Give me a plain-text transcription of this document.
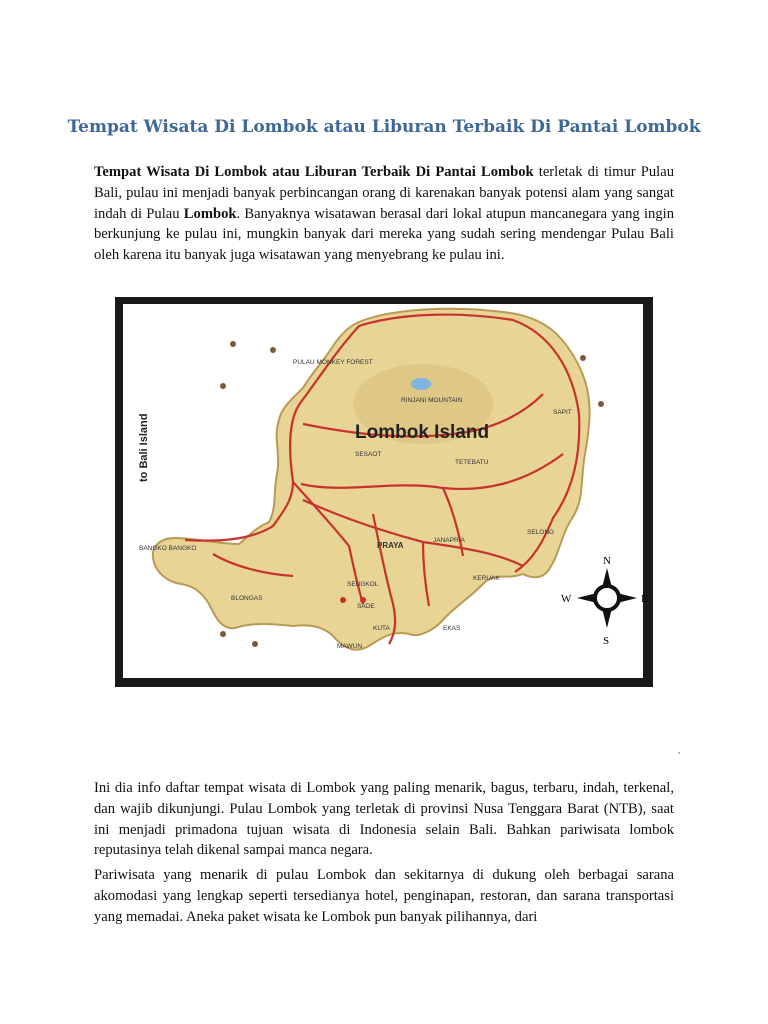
Tempat Wisata Di Lombok atau Liburan Terbaik Di Pantai Lombok

Tempat Wisata Di Lombok atau Liburan Terbaik Di Pantai Lombok terletak di timur Pulau Bali, pulau ini menjadi banyak perbincangan orang di karenakan banyak potensi alam yang sangat indah di Pulau Lombok. Banyaknya wisatawan berasal dari lokal atupun mancanegara yang ingin berkunjung ke pulau ini, mungkin banyak dari mereka yang sudah sering mendengar Pulau Bali oleh karena itu banyak juga wisatawan yang menyebrang ke pulau ini.

to Bali Island	Lombok Island
RINJANI MOUNTAIN
PULAU MONKEY FOREST
SESAOT
TETEBATU
PRAYA
JANAPRIA
SELONG
KERUAK
SENGKOL
SADE
KUTA
MAWUN
EKAS
BLONGAS
BANGKO BANGKO
SAPIT
N
S
W	E

Ini dia info daftar tempat wisata di Lombok yang paling menarik, bagus, terbaru, indah, terkenal, dan wajib dikunjungi. Pulau Lombok yang terletak di provinsi Nusa Tenggara Barat (NTB), saat ini menjadi primadona tujuan wisata di Indonesia selain Bali. Bahkan pariwisata lombok reputasinya telah dikenal sampai manca negara.

Pariwisata yang menarik di pulau Lombok dan sekitarnya di dukung oleh berbagai sarana akomodasi yang lengkap seperti tersedianya hotel, penginapan, restoran, dan sarana transportasi yang memadai. Aneka paket wisata ke Lombok pun banyak pilihannya, dari
